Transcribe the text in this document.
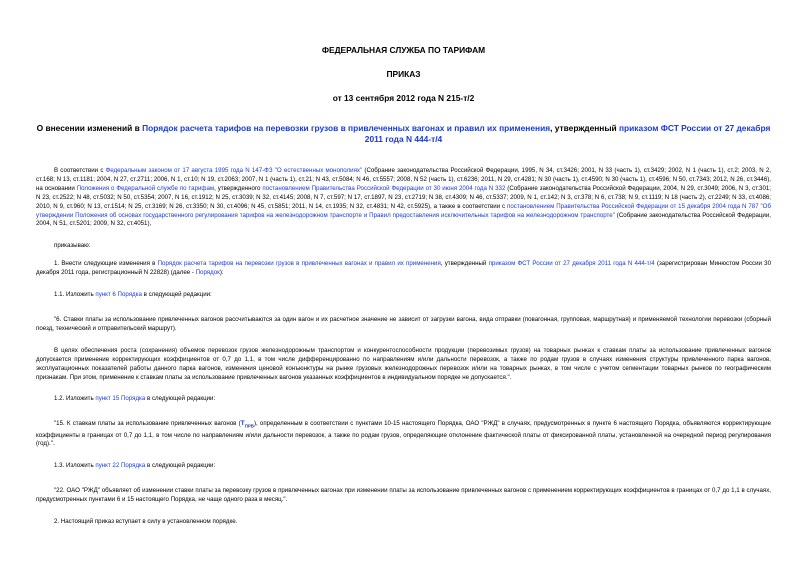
ФЕДЕРАЛЬНАЯ СЛУЖБА ПО ТАРИФАМ
ПРИКАЗ
от 13 сентября 2012 года N 215-т/2
О внесении изменений в Порядок расчета тарифов на перевозки грузов в привлеченных вагонах и правил их применения, утвержденный приказом ФСТ России от 27 декабря 2011 года N 444-т/4
В соответствии с Федеральным законом от 17 августа 1995 года N 147-ФЗ "О естественных монополиях" (Собрание законодательства Российской Федерации, 1995, N 34, ст.3426; 2001, N 33 (часть 1), ст.3429; 2002, N 1 (часть 1), ст.2; 2003, N 2, ст.168; N 13, ст.1181; 2004, N 27, ст.2711; 2006, N 1, ст.10; N 19, ст.2063; 2007, N 1 (часть 1), ст.21; N 43, ст.5084; N 46, ст.5557; 2008, N 52 (часть 1), ст.6236; 2011, N 29, ст.4281; N 30 (часть 1), ст.4590; N 30 (часть 1), ст.4596; N 50, ст.7343; 2012, N 26, ст.3446), на основании Положения о Федеральной службе по тарифам, утвержденного постановлением Правительства Российской Федерации от 30 июня 2004 года N 332 (Собрание законодательства Российской Федерации, 2004, N 29, ст.3049; 2006, N 3, ст.301; N 23, ст.2522; N 48, ст.5032; N 50, ст.5354; 2007, N 16, ст.1912; N 25, ст.3039; N 32, ст.4145; 2008, N 7, ст.597; N 17, ст.1897, N 23, ст.2719; N 38, ст.4309; N 46, ст.5337; 2009, N 1, ст.142; N 3, ст.378; N 6, ст.738; N 9, ст.1119; N 18 (часть 2), ст.2249; N 33, ст.4086; 2010, N 9, ст.960; N 13, ст.1514; N 25, ст.3169; N 26, ст.3350; N 30, ст.4096; N 45, ст.5851; 2011, N 14, ст.1935; N 32, ст.4831; N 42, ст.5925), а также в соответствии с постановлением Правительства Российской Федерации от 15 декабря 2004 года N 787 "Об утверждении Положения об основах государственного регулирования тарифов на железнодорожном транспорте и Правил предоставления исключительных тарифов на железнодорожном транспорте" (Собрание законодательства Российской Федерации, 2004, N 51, ст.5201; 2009, N 32, ст.4051),
приказываю:
1. Внести следующие изменения в Порядок расчета тарифов на перевозки грузов в привлеченных вагонах и правил их применения, утвержденный приказом ФСТ России от 27 декабря 2011 года N 444-т/4 (зарегистрирован Минюстом России 30 декабря 2011 года, регистрационный N 22828) (далее - Порядок):
1.1. Изложить пункт 6 Порядка в следующей редакции:
"6. Ставки платы за использование привлеченных вагонов рассчитываются за один вагон и их расчетное значение не зависит от загрузки вагона, вида отправки (повагонная, групповая, маршрутная) и применяемой технологии перевозки (сборный поезд, технический и отправительский маршрут).
В целях обеспечения роста (сохранения) объемов перевозок грузов железнодорожным транспортом и конкурентоспособности продукции (перевозимых грузов) на товарных рынках к ставкам платы за использование привлеченных вагонов допускается применение корректирующих коэффициентов от 0,7 до 1,1, в том числе дифференцированно по направлениям и/или дальности перевозок, а также по родам грузов в случаях изменения структуры привлеченного парка вагонов, эксплуатационных показателей работы данного парка вагонов, изменения ценовой конъюнктуры на рынке грузовых железнодорожных перевозок и/или на товарных рынках, в том числе с учетом сегментации товарных рынков по географическим признакам. При этом, применение к ставкам платы за использование привлеченных вагонов указанных коэффициентов в индивидуальном порядке не допускается.".
1.2. Изложить пункт 15 Порядка в следующей редакции:
"15. К ставкам платы за использование привлеченных вагонов $(T_{ПРВ})$, определенным в соответствии с пунктами 10-15 настоящего Порядка, ОАО "РЖД" в случаях, предусмотренных в пункте 6 настоящего Порядка, объявляются корректирующие коэффициенты в границах от 0,7 до 1,1, в том числе по направлениям и/или дальности перевозок, а также по родам грузов, определяющие отклонение фактической платы от фиксированной платы, установленной на очередной период регулирования (год).".
1.3. Изложить пункт 22 Порядка в следующей редакции:
"22. ОАО "РЖД" объявляет об изменении ставки платы за перевозку грузов в привлеченных вагонах при изменении платы за использование привлеченных вагонов с применением корректирующих коэффициентов в границах от 0,7 до 1,1 в случаях, предусмотренных пунктами 6 и 15 настоящего Порядка, не чаще одного раза в месяц.".
2. Настоящий приказ вступает в силу в установленном порядке.
